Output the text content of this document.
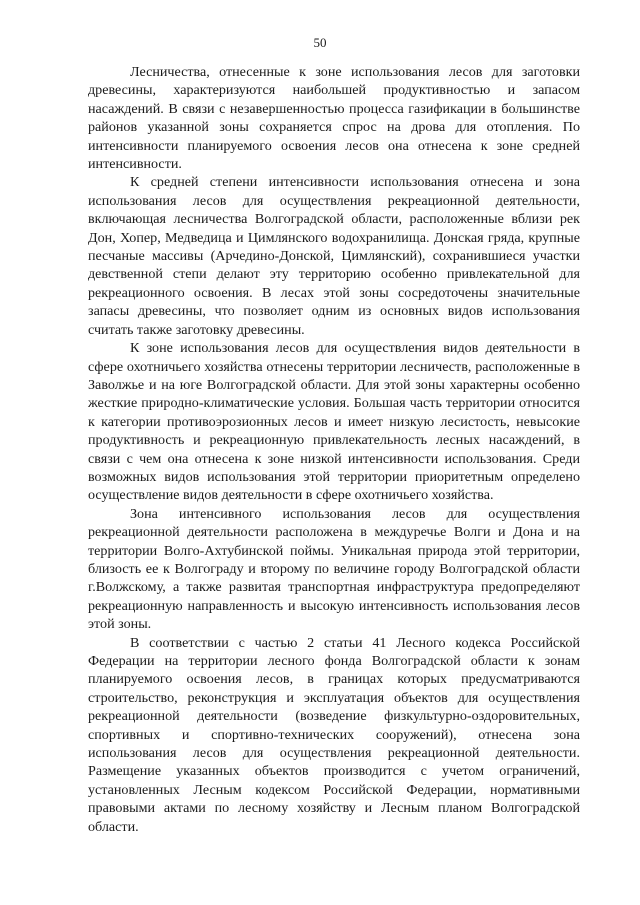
50

Лесничества, отнесенные к зоне использования лесов для заготовки древесины, характеризуются наибольшей продуктивностью и запасом насаждений. В связи с незавершенностью процесса газификации в большинстве районов указанной зоны сохраняется спрос на дрова для отопления. По интенсивности планируемого освоения лесов она отнесена к зоне средней интенсивности.

К средней степени интенсивности использования отнесена и зона использования лесов для осуществления рекреационной деятельности, включающая лесничества Волгоградской области, расположенные вблизи рек Дон, Хопер, Медведица и Цимлянского водохранилища. Донская гряда, крупные песчаные массивы (Арчедино-Донской, Цимлянский), сохранившиеся участки девственной степи делают эту территорию особенно привлекательной для рекреационного освоения. В лесах этой зоны сосредоточены значительные запасы древесины, что позволяет одним из основных видов использования считать также заготовку древесины.

К зоне использования лесов для осуществления видов деятельности в сфере охотничьего хозяйства отнесены территории лесничеств, расположенные в Заволжье и на юге Волгоградской области. Для этой зоны характерны особенно жесткие природно-климатические условия. Большая часть территории относится к категории противоэрозионных лесов и имеет низкую лесистость, невысокие продуктивность и рекреационную привлекательность лесных насаждений, в связи с чем она отнесена к зоне низкой интенсивности использования. Среди возможных видов использования этой территории приоритетным определено осуществление видов деятельности в сфере охотничьего хозяйства.

Зона интенсивного использования лесов для осуществления рекреационной деятельности расположена в междуречье Волги и Дона и на территории Волго-Ахтубинской поймы. Уникальная природа этой территории, близость ее к Волгограду и второму по величине городу Волгоградской области г.Волжскому, а также развитая транспортная инфраструктура предопределяют рекреационную направленность и высокую интенсивность использования лесов этой зоны.

В соответствии с частью 2 статьи 41 Лесного кодекса Российской Федерации на территории лесного фонда Волгоградской области к зонам планируемого освоения лесов, в границах которых предусматриваются строительство, реконструкция и эксплуатация объектов для осуществления рекреационной деятельности (возведение физкультурно-оздоровительных, спортивных и спортивно-технических сооружений), отнесена зона использования лесов для осуществления рекреационной деятельности. Размещение указанных объектов производится с учетом ограничений, установленных Лесным кодексом Российской Федерации, нормативными правовыми актами по лесному хозяйству и Лесным планом Волгоградской области.
